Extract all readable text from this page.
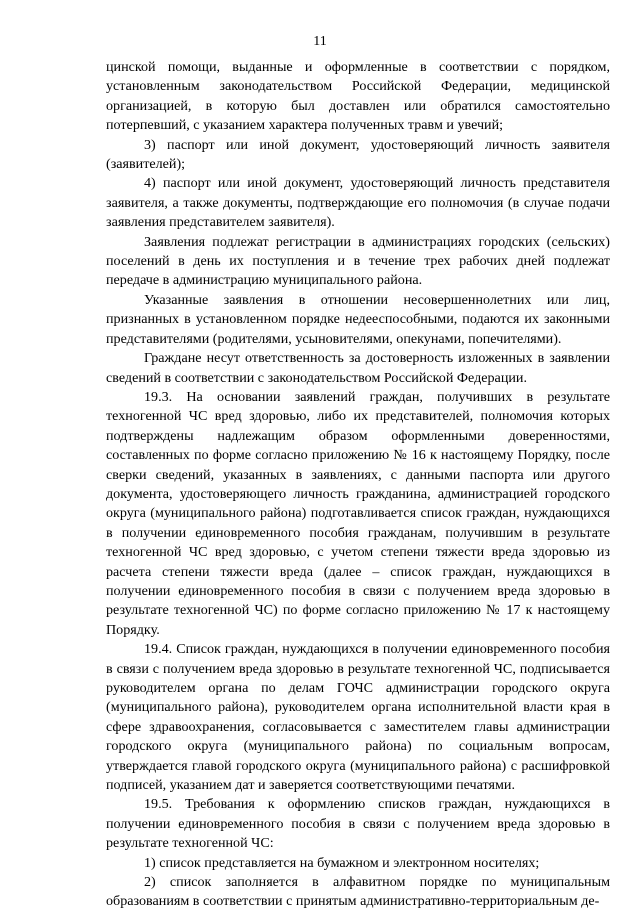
11

цинской помощи, выданные и оформленные в соответствии с порядком, установленным законодательством Российской Федерации, медицинской организацией, в которую был доставлен или обратился самостоятельно потерпевший, с указанием характера полученных травм и увечий;

3) паспорт или иной документ, удостоверяющий личность заявителя (заявителей);

4) паспорт или иной документ, удостоверяющий личность представителя заявителя, а также документы, подтверждающие его полномочия (в случае подачи заявления представителем заявителя).

Заявления подлежат регистрации в администрациях городских (сельских) поселений в день их поступления и в течение трех рабочих дней подлежат передаче в администрацию муниципального района.

Указанные заявления в отношении несовершеннолетних или лиц, признанных в установленном порядке недееспособными, подаются их законными представителями (родителями, усыновителями, опекунами, попечителями).

Граждане несут ответственность за достоверность изложенных в заявлении сведений в соответствии с законодательством Российской Федерации.

19.3. На основании заявлений граждан, получивших в результате техногенной ЧС вред здоровью, либо их представителей, полномочия которых подтверждены надлежащим образом оформленными доверенностями, составленных по форме согласно приложению № 16 к настоящему Порядку, после сверки сведений, указанных в заявлениях, с данными паспорта или другого документа, удостоверяющего личность гражданина, администрацией городского округа (муниципального района) подготавливается список граждан, нуждающихся в получении единовременного пособия гражданам, получившим в результате техногенной ЧС вред здоровью, с учетом степени тяжести вреда здоровью из расчета степени тяжести вреда (далее – список граждан, нуждающихся в получении единовременного пособия в связи с получением вреда здоровью в результате техногенной ЧС) по форме согласно приложению № 17 к настоящему Порядку.

19.4. Список граждан, нуждающихся в получении единовременного пособия в связи с получением вреда здоровью в результате техногенной ЧС, подписывается руководителем органа по делам ГОЧС администрации городского округа (муниципального района), руководителем органа исполнительной власти края в сфере здравоохранения, согласовывается с заместителем главы администрации городского округа (муниципального района) по социальным вопросам, утверждается главой городского округа (муниципального района) с расшифровкой подписей, указанием дат и заверяется соответствующими печатями.

19.5. Требования к оформлению списков граждан, нуждающихся в получении единовременного пособия в связи с получением вреда здоровью в результате техногенной ЧС:

1) список представляется на бумажном и электронном носителях;

2) список заполняется в алфавитном порядке по муниципальным образованиям в соответствии с принятым административно-территориальным де-
